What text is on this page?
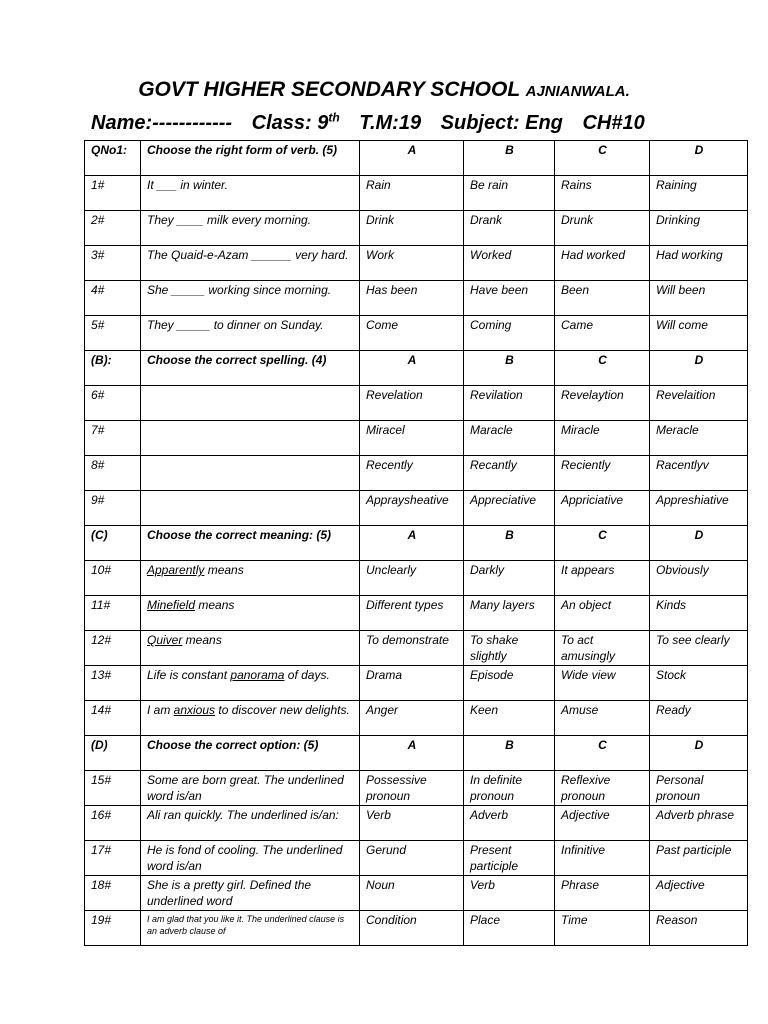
GOVT HIGHER SECONDARY SCHOOL AJNIANWALA.
Name:------------ Class: 9th T.M:19 Subject: Eng CH#10
QNo1:	Choose the right form of verb. (5)	A	B	C	D
1#	It ___ in winter.	Rain	Be rain	Rains	Raining
2#	They ____ milk every morning.	Drink	Drank	Drunk	Drinking
3#	The Quaid-e-Azam ______ very hard.	Work	Worked	Had worked	Had working
4#	She _____ working since morning.	Has been	Have been	Been	Will been
5#	They _____ to dinner on Sunday.	Come	Coming	Came	Will come
(B):	Choose the correct spelling. (4)	A	B	C	D
6#		Revelation	Revilation	Revelaytion	Revelaition
7#		Miracel	Maracle	Miracle	Meracle
8#		Recently	Recantly	Reciently	Racentlyv
9#		Appraysheative	Appreciative	Appriciative	Appreshiative
(C)	Choose the correct meaning: (5)	A	B	C	D
10#	Apparently means	Unclearly	Darkly	It appears	Obviously
11#	Minefield means	Different types	Many layers	An object	Kinds
12#	Quiver means	To demonstrate	To shake slightly	To act amusingly	To see clearly
13#	Life is constant panorama of days.	Drama	Episode	Wide view	Stock
14#	I am anxious to discover new delights.	Anger	Keen	Amuse	Ready
(D)	Choose the correct option: (5)	A	B	C	D
15#	Some are born great. The underlined word is/an	Possessive pronoun	In definite pronoun	Reflexive pronoun	Personal pronoun
16#	Ali ran quickly. The underlined is/an:	Verb	Adverb	Adjective	Adverb phrase
17#	He is fond of cooling. The underlined word is/an	Gerund	Present participle	Infinitive	Past participle
18#	She is a pretty girl. Defined the underlined word	Noun	Verb	Phrase	Adjective
19#	I am glad that you like it. The underlined clause is an adverb clause of	Condition	Place	Time	Reason
